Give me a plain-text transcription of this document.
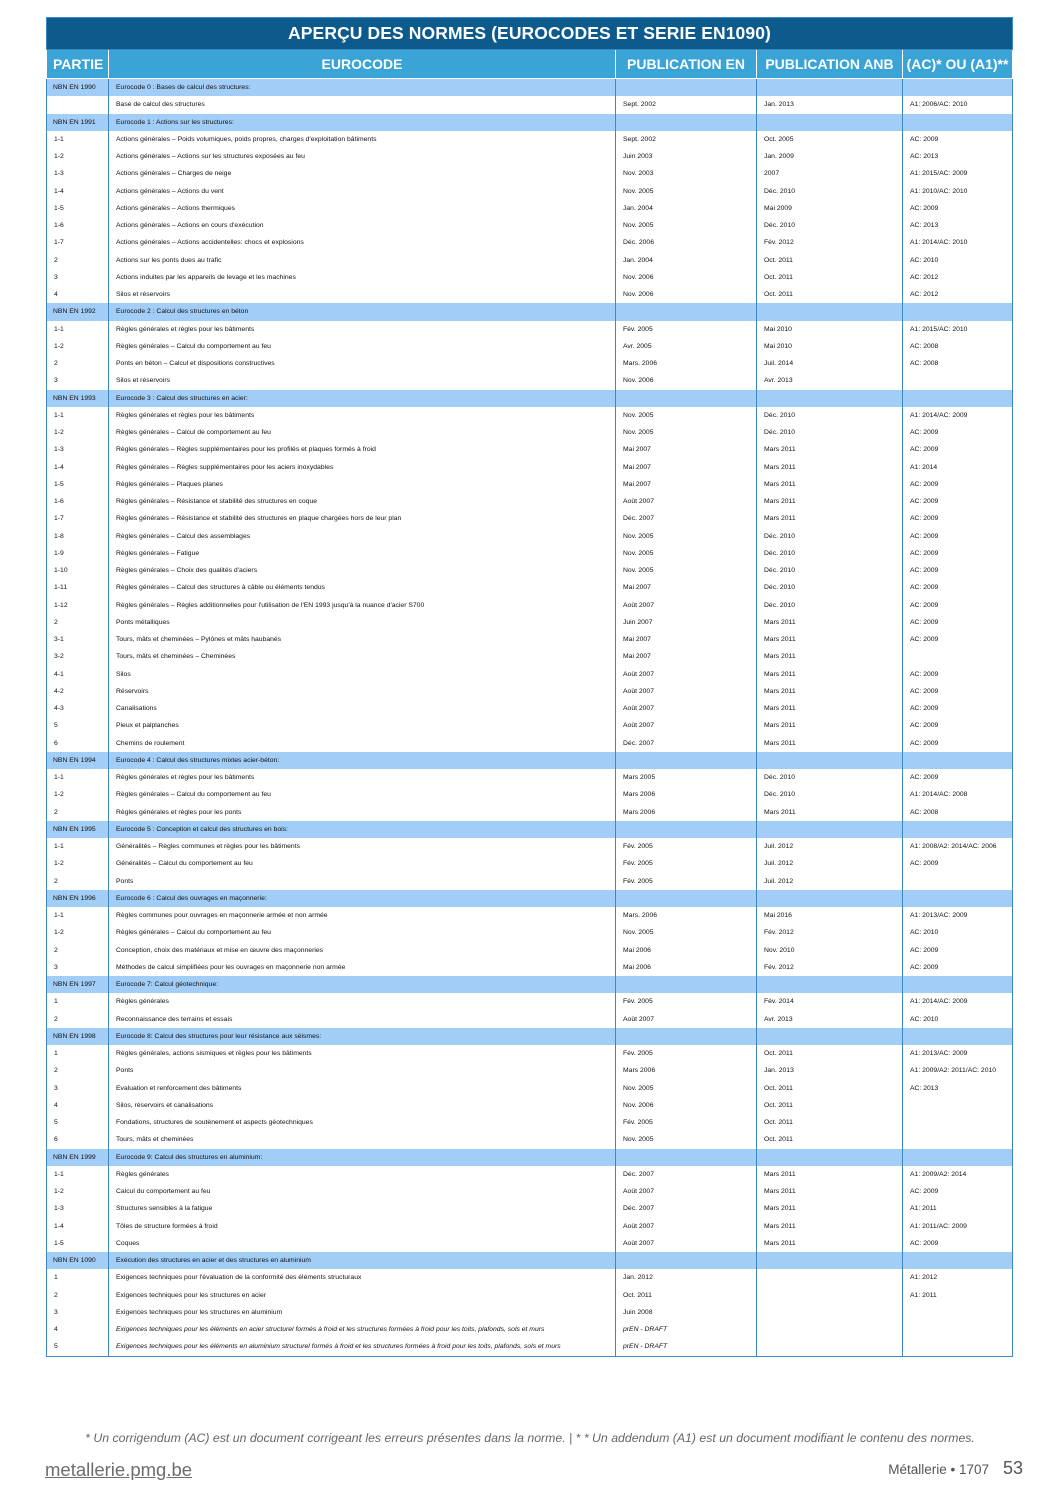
APERÇU DES NORMES (EUROCODES ET SERIE EN1090)				
PARTIE	EUROCODE	PUBLICATION EN	PUBLICATION ANB	(AC)* OU (A1)**
NBN EN 1990	Eurocode 0 : Bases de calcul des structures:			
	Base de calcul des structures	Sept. 2002	Jan. 2013	A1: 2006/AC: 2010
NBN EN 1991	Eurocode 1 : Actions sur les structures:			
1-1	Actions générales – Poids volumiques, poids propres, charges d'exploitation bâtiments	Sept. 2002	Oct. 2005	AC: 2009
1-2	Actions générales – Actions sur les structures exposées au feu	Juin 2003	Jan. 2009	AC: 2013
1-3	Actions générales – Charges de neige	Nov. 2003	2007	A1: 2015/AC: 2009
1-4	Actions générales – Actions du vent	Nov. 2005	Déc. 2010	A1: 2010/AC: 2010
1-5	Actions générales – Actions thermiques	Jan. 2004	Mai 2009	AC: 2009
1-6	Actions générales – Actions en cours d'exécution	Nov. 2005	Déc. 2010	AC: 2013
1-7	Actions générales – Actions accidentelles: chocs et explosions	Déc. 2006	Fév. 2012	A1: 2014/AC: 2010
2	Actions sur les ponts dues au trafic	Jan. 2004	Oct. 2011	AC: 2010
3	Actions induites par les appareils de levage et les machines	Nov. 2006	Oct. 2011	AC: 2012
4	Silos et réservoirs	Nov. 2006	Oct. 2011	AC: 2012
NBN EN 1992	Eurocode 2 : Calcul des structures en béton			
1-1	Règles générales et règles pour les bâtiments	Fév. 2005	Mai 2010	A1: 2015/AC: 2010
1-2	Règles générales – Calcul du comportement au feu	Avr. 2005	Mai 2010	AC: 2008
2	Ponts en béton – Calcul et dispositions constructives	Mars. 2006	Juil. 2014	AC: 2008
3	Silos et réservoirs	Nov. 2006	Avr. 2013	
NBN EN 1993	Eurocode 3 : Calcul des structures en acier:			
1-1	Règles générales et règles pour les bâtiments	Nov. 2005	Déc. 2010	A1: 2014/AC: 2009
1-2	Règles générales – Calcul de comportement au feu	Nov. 2005	Déc. 2010	AC: 2009
1-3	Règles générales – Règles supplémentaires pour les profilés et plaques formés à froid	Mai 2007	Mars 2011	AC: 2009
1-4	Règles générales – Règles supplémentaires pour les aciers inoxydables	Mai 2007	Mars 2011	A1: 2014
1-5	Règles générales – Plaques planes	Mai 2007	Mars 2011	AC: 2009
1-6	Règles générales – Résistance et stabilité des structures en coque	Août 2007	Mars 2011	AC: 2009
1-7	Règles générales – Résistance et stabilité des structures en plaque chargées hors de leur plan	Déc. 2007	Mars 2011	AC: 2009
1-8	Règles générales – Calcul des assemblages	Nov. 2005	Déc. 2010	AC: 2009
1-9	Règles générales – Fatigue	Nov. 2005	Déc. 2010	AC: 2009
1-10	Règles générales – Choix des qualités d'aciers	Nov. 2005	Déc. 2010	AC: 2009
1-11	Règles générales – Calcul des structures à câble ou éléments tendus	Mai 2007	Déc. 2010	AC: 2009
1-12	Règles générales – Règles additionnelles pour l'utilisation de l'EN 1993 jusqu'à la nuance d'acier S700	Août 2007	Déc. 2010	AC: 2009
2	Ponts métalliques	Juin 2007	Mars 2011	AC: 2009
3-1	Tours, mâts et cheminées – Pylônes et mâts haubanés	Mai 2007	Mars 2011	AC: 2009
3-2	Tours, mâts et cheminées – Cheminées	Mai 2007	Mars 2011	
4-1	Silos	Août 2007	Mars 2011	AC: 2009
4-2	Réservoirs	Août 2007	Mars 2011	AC: 2009
4-3	Canalisations	Août 2007	Mars 2011	AC: 2009
5	Pieux et palplanches	Août 2007	Mars 2011	AC: 2009
6	Chemins de roulement	Déc. 2007	Mars 2011	AC: 2009
NBN EN 1994	Eurocode 4 : Calcul des structures mixtes acier-béton:			
1-1	Règles générales et règles pour les bâtiments	Mars 2005	Déc. 2010	AC: 2009
1-2	Règles générales – Calcul du comportement au feu	Mars 2006	Déc. 2010	A1: 2014/AC: 2008
2	Règles générales et règles pour les ponts	Mars 2006	Mars 2011	AC: 2008
NBN EN 1995	Eurocode 5 : Conception et calcul des structures en bois:			
1-1	Généralités – Règles communes et règles pour les bâtiments	Fév. 2005	Juil. 2012	A1: 2008/A2: 2014/AC: 2006
1-2	Généralités – Calcul du comportement au feu	Fév. 2005	Juil. 2012	AC: 2009
2	Ponts	Fév. 2005	Juil. 2012	
NBN EN 1996	Eurocode 6 : Calcul des ouvrages en maçonnerie:			
1-1	Règles communes pour ouvrages en maçonnerie armée et non armée	Mars. 2006	Mai 2016	A1: 2013/AC: 2009
1-2	Règles générales – Calcul du comportement au feu	Nov. 2005	Fév. 2012	AC: 2010
2	Conception, choix des matériaux et mise en œuvre des maçonneries	Mai 2006	Nov. 2010	AC: 2009
3	Méthodes de calcul simplifiées pour les ouvrages en maçonnerie non armée	Mai 2006	Fév. 2012	AC: 2009
NBN EN 1997	Eurocode 7: Calcul géotechnique:			
1	Règles générales	Fév. 2005	Fév. 2014	A1: 2014/AC: 2009
2	Reconnaissance des terrains et essais	Août 2007	Avr. 2013	AC: 2010
NBN EN 1998	Eurocode 8: Calcul des structures pour leur résistance aux séismes:			
1	Règles générales, actions sismiques et règles pour les bâtiments	Fév. 2005	Oct. 2011	A1: 2013/AC: 2009
2	Ponts	Mars 2006	Jan. 2013	A1: 2009/A2: 2011/AC: 2010
3	Evaluation et renforcement des bâtiments	Nov. 2005	Oct. 2011	AC: 2013
4	Silos, réservoirs et canalisations	Nov. 2006	Oct. 2011	
5	Fondations, structures de soutènement et aspects géotechniques	Fév. 2005	Oct. 2011	
6	Tours, mâts et cheminées	Nov. 2005	Oct. 2011	
NBN EN 1999	Eurocode 9: Calcul des structures en aluminium:			
1-1	Règles générales	Déc. 2007	Mars 2011	A1: 2009/A2: 2014
1-2	Calcul du comportement au feu	Août 2007	Mars 2011	AC: 2009
1-3	Structures sensibles à la fatigue	Déc. 2007	Mars 2011	A1: 2011
1-4	Tôles de structure formées à froid	Août 2007	Mars 2011	A1: 2011/AC: 2009
1-5	Coques	Août 2007	Mars 2011	AC: 2009
NBN EN 1090	Exécution des structures en acier et des structures en aluminium			
1	Exigences techniques pour l'évaluation de la conformité des éléments structuraux	Jan. 2012		A1: 2012
2	Exigences techniques pour les structures en acier	Oct. 2011		A1: 2011
3	Exigences techniques pour les structures en aluminium	Juin 2008		
4	Exigences techniques pour les éléments en acier structurel formés à froid et les structures formées à froid pour les toits, plafonds, sols et murs	prEN - DRAFT		
5	Exigences techniques pour les éléments en aluminium structurel formés à froid et les structures formées à froid pour les toits, plafonds, sols et murs	prEN - DRAFT		
* Un corrigendum (AC) est un document corrigeant les erreurs présentes dans la norme. | * * Un addendum (A1) est un document modifiant le contenu des normes.
metallerie.pmg.be	Métallerie • 1707 53
